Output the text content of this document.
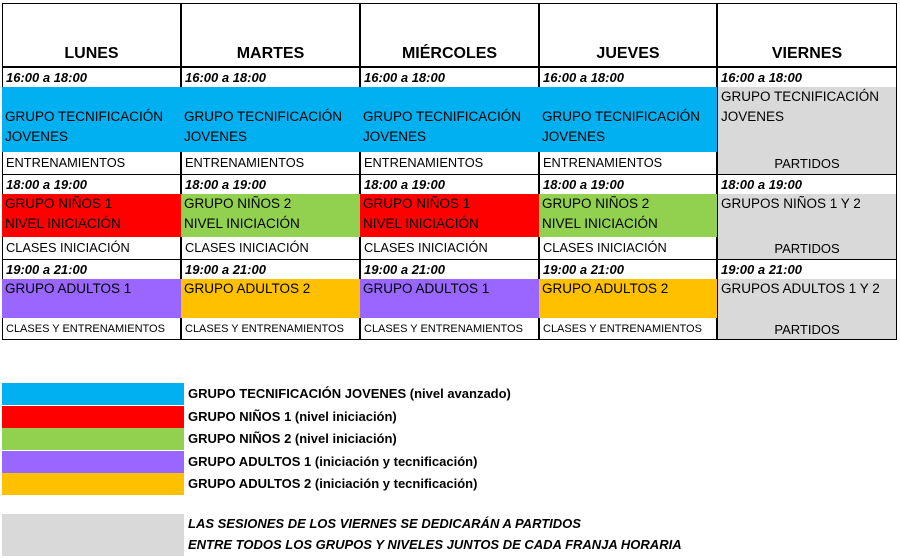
LUNES
16:00 a 18:00
GRUPO TECNIFICACIÓN
JOVENES
ENTRENAMIENTOS
18:00 a 19:00
GRUPO NIÑOS 1
NIVEL INICIACIÓN
CLASES INICIACIÓN
19:00 a 21:00
GRUPO ADULTOS 1
CLASES Y ENTRENAMIENTOS
MARTES
16:00 a 18:00
GRUPO TECNIFICACIÓN
JOVENES
ENTRENAMIENTOS
18:00 a 19:00
GRUPO NIÑOS 2
NIVEL INICIACIÓN
CLASES INICIACIÓN
19:00 a 21:00
GRUPO ADULTOS 2
CLASES Y ENTRENAMIENTOS
MIÉRCOLES
16:00 a 18:00
GRUPO TECNIFICACIÓN
JOVENES
ENTRENAMIENTOS
18:00 a 19:00
GRUPO NIÑOS 1
NIVEL INICIACIÓN
CLASES INICIACIÓN
19:00 a 21:00
GRUPO ADULTOS 1
CLASES Y ENTRENAMIENTOS
JUEVES
16:00 a 18:00
GRUPO TECNIFICACIÓN
JOVENES
ENTRENAMIENTOS
18:00 a 19:00
GRUPO NIÑOS 2
NIVEL INICIACIÓN
CLASES INICIACIÓN
19:00 a 21:00
GRUPO ADULTOS 2
CLASES Y ENTRENAMIENTOS
VIERNES
16:00 a 18:00
GRUPO TECNIFICACIÓN
JOVENES
PARTIDOS
18:00 a 19:00
GRUPOS NIÑOS 1 Y 2
PARTIDOS
19:00 a 21:00
GRUPOS ADULTOS 1 Y 2
PARTIDOS
GRUPO TECNIFICACIÓN JOVENES (nivel avanzado)
GRUPO NIÑOS 1 (nivel iniciación)
GRUPO NIÑOS 2 (nivel iniciación)
GRUPO ADULTOS 1 (iniciación y tecnificación)
GRUPO ADULTOS 2 (iniciación y tecnificación)
LAS SESIONES DE LOS VIERNES SE DEDICARÁN A PARTIDOS
ENTRE TODOS LOS GRUPOS Y NIVELES JUNTOS DE CADA FRANJA HORARIA
